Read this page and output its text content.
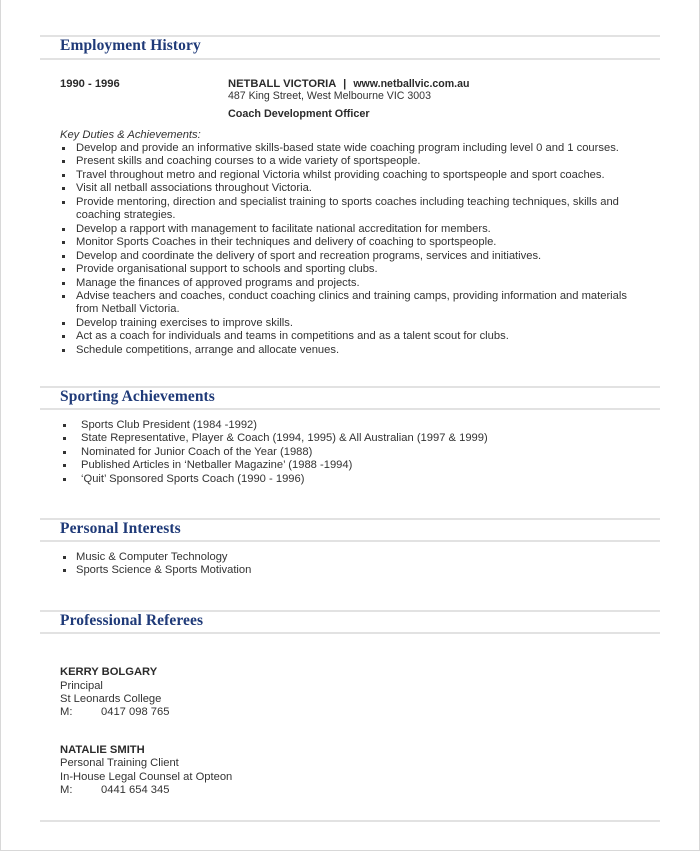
Employment History
1990 - 1996	NETBALL VICTORIA | www.netballvic.com.au
487 King Street, West Melbourne VIC 3003
Coach Development Officer
Key Duties & Achievements:
Develop and provide an informative skills-based state wide coaching program including level 0 and 1 courses.
Present skills and coaching courses to a wide variety of sportspeople.
Travel throughout metro and regional Victoria whilst providing coaching to sportspeople and sport coaches.
Visit all netball associations throughout Victoria.
Provide mentoring, direction and specialist training to sports coaches including teaching techniques, skills and
coaching strategies.
Develop a rapport with management to facilitate national accreditation for members.
Monitor Sports Coaches in their techniques and delivery of coaching to sportspeople.
Develop and coordinate the delivery of sport and recreation programs, services and initiatives.
Provide organisational support to schools and sporting clubs.
Manage the finances of approved programs and projects.
Advise teachers and coaches, conduct coaching clinics and training camps, providing information and materials
from Netball Victoria.
Develop training exercises to improve skills.
Act as a coach for individuals and teams in competitions and as a talent scout for clubs.
Schedule competitions, arrange and allocate venues.
Sporting Achievements
Sports Club President (1984 -1992)
State Representative, Player & Coach (1994, 1995) & All Australian (1997 & 1999)
Nominated for Junior Coach of the Year (1988)
Published Articles in ‘Netballer Magazine’ (1988 -1994)
‘Quit’ Sponsored Sports Coach (1990 - 1996)
Personal Interests
Music & Computer Technology
Sports Science & Sports Motivation
Professional Referees
KERRY BOLGARY
Principal
St Leonards College
M:	0417 098 765
NATALIE SMITH
Personal Training Client
In-House Legal Counsel at Opteon
M:	0441 654 345
